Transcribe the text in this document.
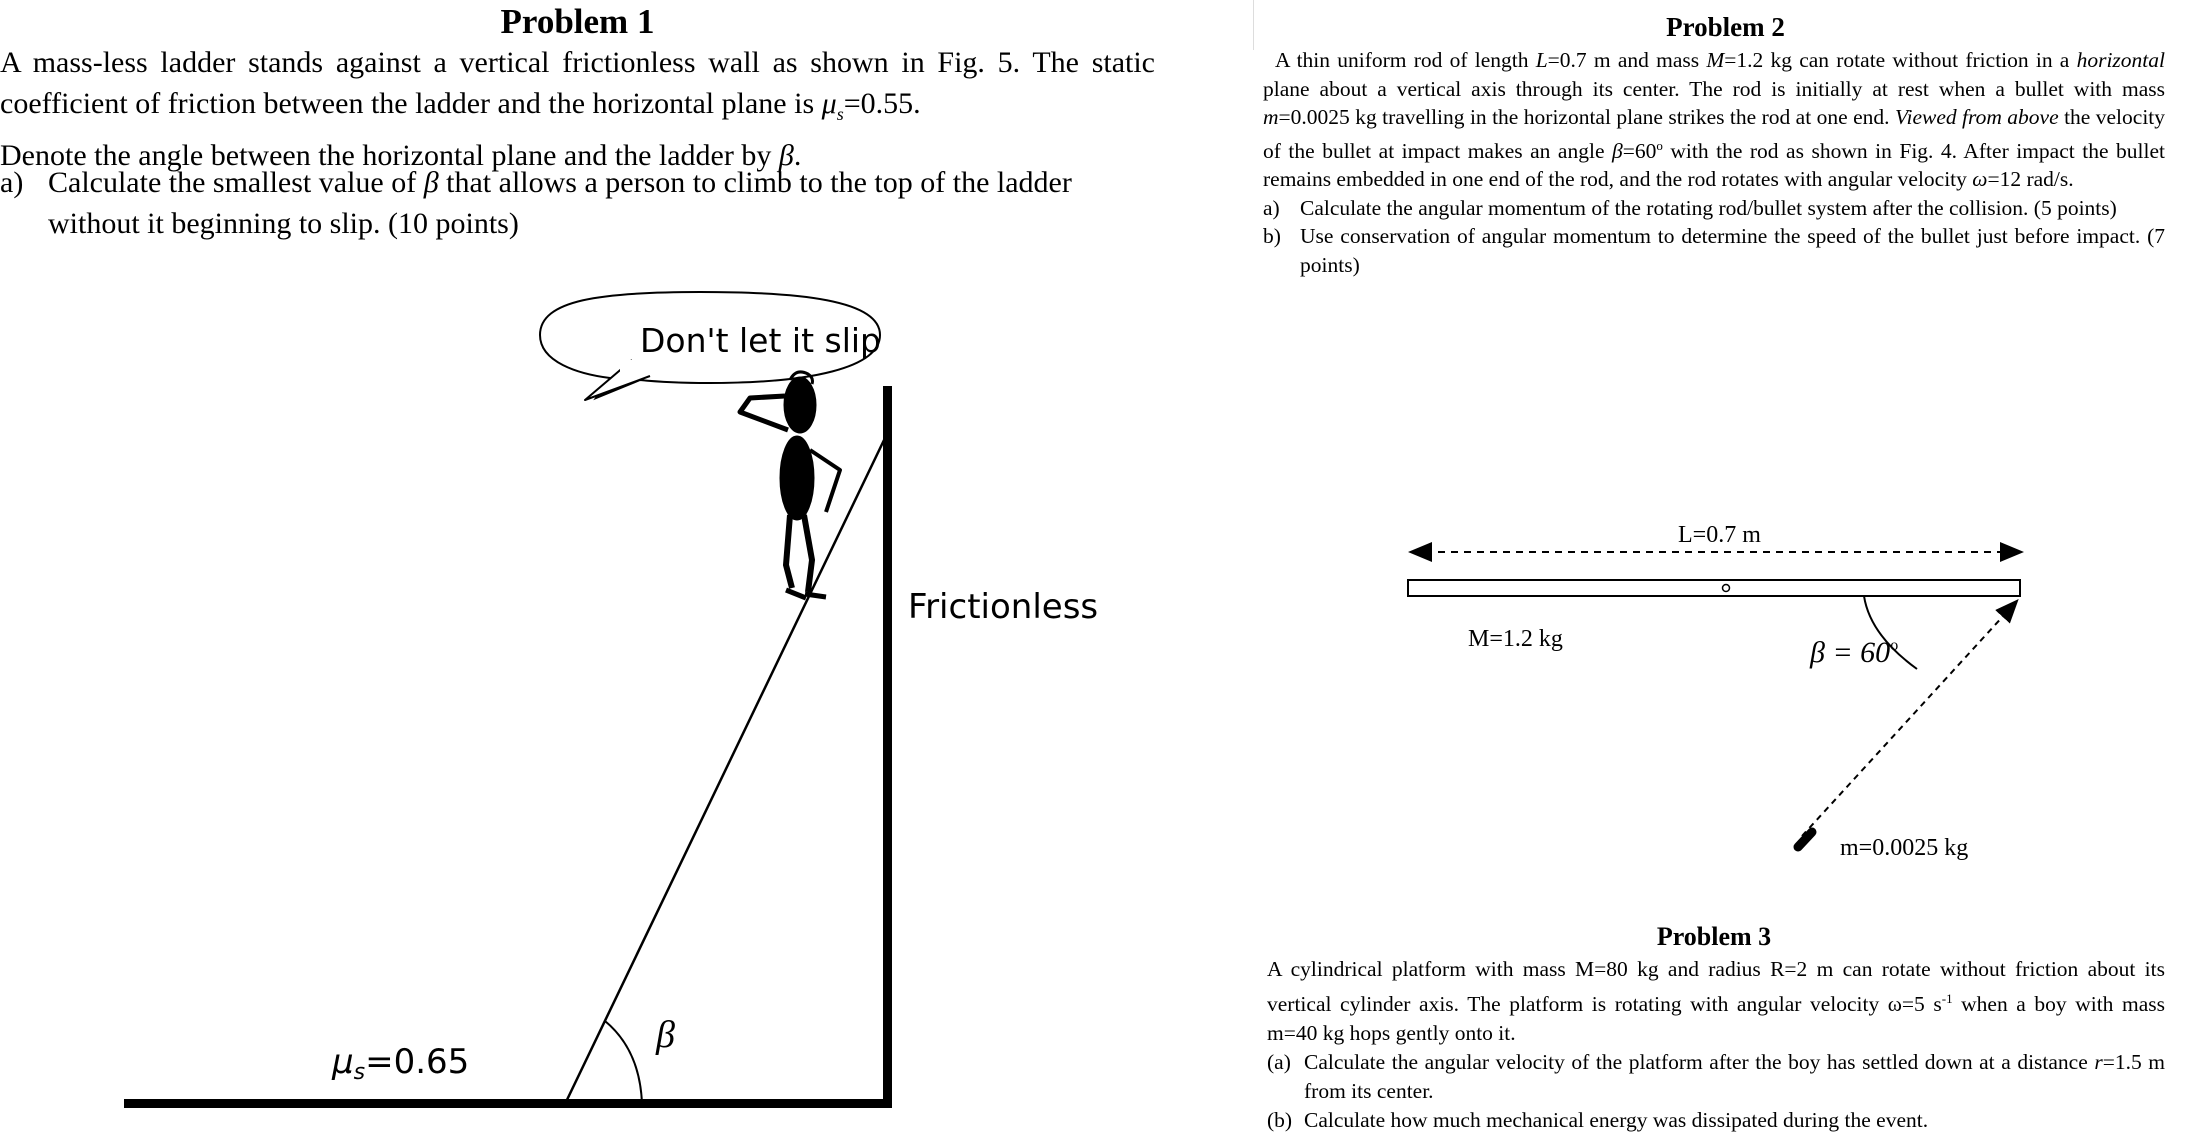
Problem 1

A mass-less ladder stands against a vertical frictionless wall as shown in Fig. 5. The static coefficient of friction between the ladder and the horizontal plane is $\mu_s=0.55$.

Denote the angle between the horizontal plane and the ladder by β.

a) Calculate the smallest value of β that allows a person to climb to the top of the ladder without it beginning to slip. (10 points)
β
μs=0.65
Frictionless
Don't let it slip
Problem 2

A thin uniform rod of length L=0.7 m and mass M=1.2 kg can rotate without friction in a horizontal plane about a vertical axis through its center. The rod is initially at rest when a bullet with mass m=0.0025 kg travelling in the horizontal plane strikes the rod at one end. Viewed from above the velocity of the bullet at impact makes an angle $\beta=60^o$ with the rod as shown in Fig. 4. After impact the bullet remains embedded in one end of the rod, and the rod rotates with angular velocity ω=12 rad/s.

a) Calculate the angular momentum of the rotating rod/bullet system after the collision. (5 points)
b) Use conservation of angular momentum to determine the speed of the bullet just before impact. (7 points)
L=0.7 m
M=1.2 kg	$\beta = 60^o$
m=0.0025 kg
Problem 3

A cylindrical platform with mass M=80 kg and radius R=2 m can rotate without friction about its vertical cylinder axis. The platform is rotating with angular velocity ω=5 $s^{-1}$ when a boy with mass m=40 kg hops gently onto it.

(a) Calculate the angular velocity of the platform after the boy has settled down at a distance r=1.5 m from its center.
(b) Calculate how much mechanical energy was dissipated during the event.
